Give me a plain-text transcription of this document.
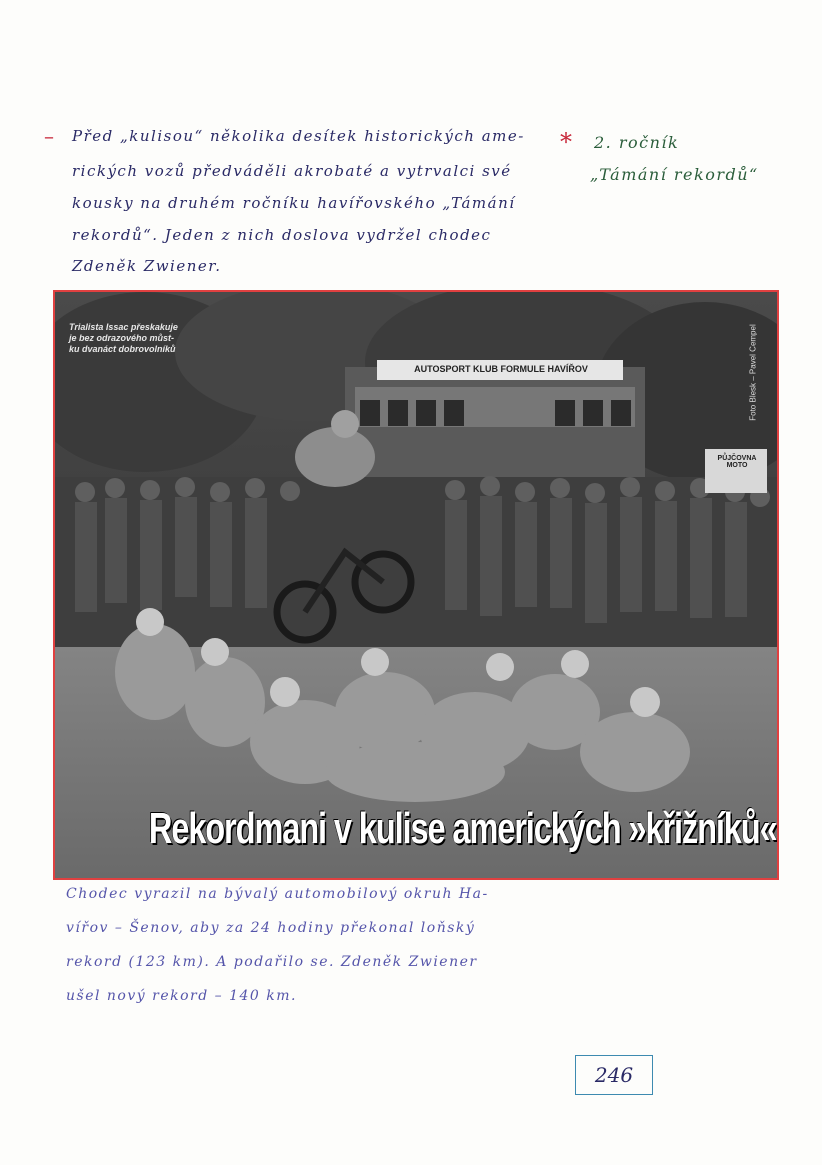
– Před „kulisou“ několika desítek historických ame-
rických vozů předváděli akrobaté a vytrvalci své
kousky na druhém ročníku havířovského „Támání
rekordů“. Jeden z nich doslova vydržel chodec
Zdeněk Zwiener.
* 2. ročník
„Támání rekordů“
Trialista Issac přeskakuje
je bez odrazového můst-
ku dvanáct dobrovolníků
AUTOSPORT KLUB FORMULE HAVÍŘOV
PŮJČOVNA MOTO
Foto Blesk – Pavel Cempel
Rekordmani v kulise amerických »křižníků«
Chodec vyrazil na bývalý automobilový okruh Ha-
vířov – Šenov, aby za 24 hodiny překonal loňský
rekord (123 km). A podařilo se. Zdeněk Zwiener
ušel nový rekord – 140 km.
246
